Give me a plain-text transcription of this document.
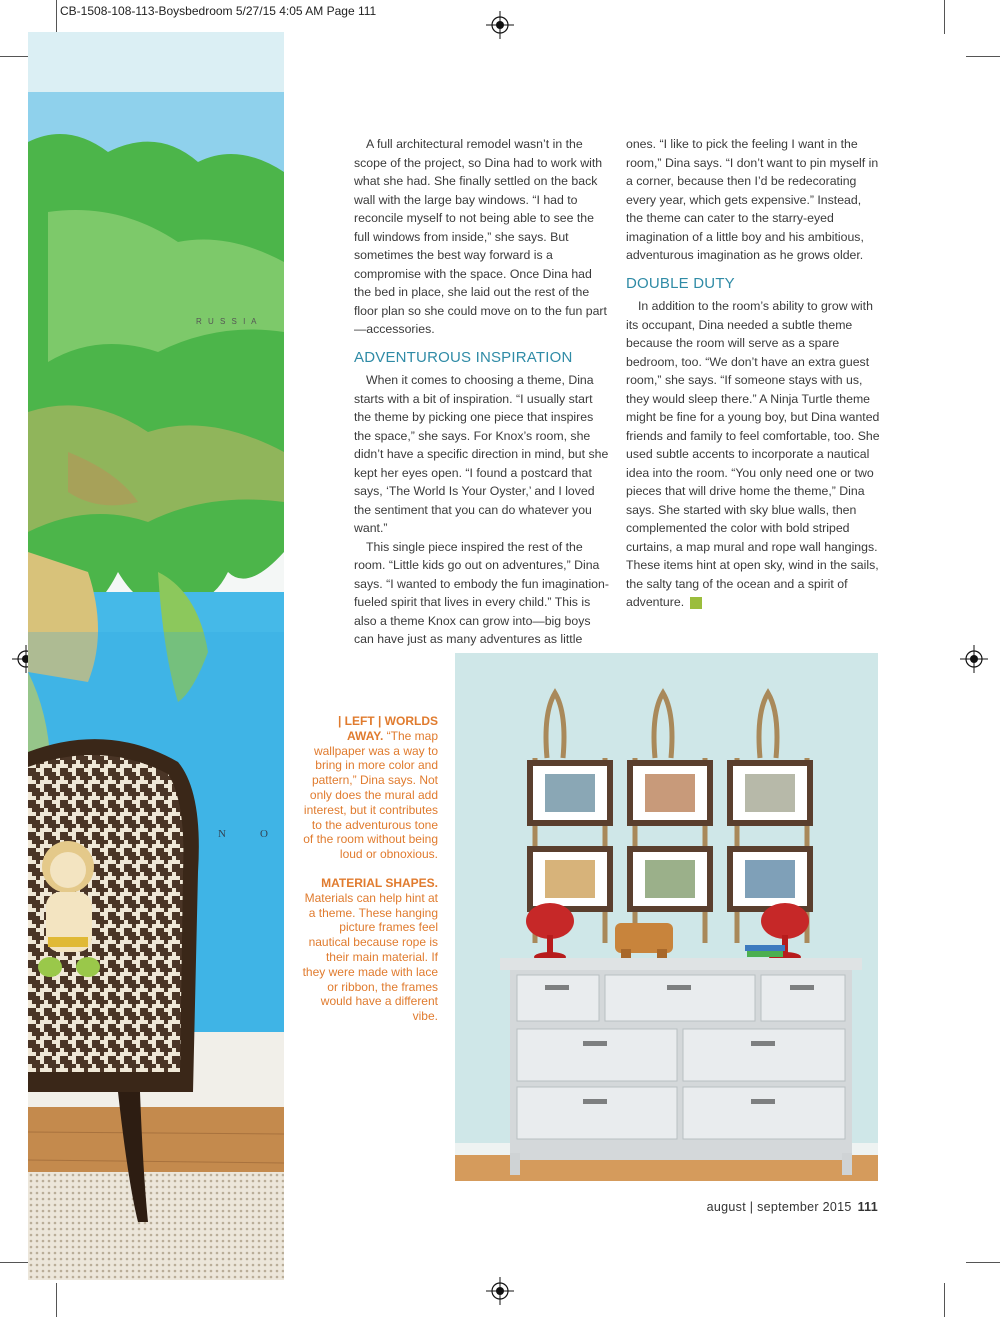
CB-1508-108-113-Boysbedroom 5/27/15 4:05 AM Page 111
R U S S I A
N	O

A full architectural remodel wasn’t in the scope of the project, so Dina had to work with what she had. She finally settled on the back wall with the large bay windows. “I had to reconcile myself to not being able to see the full windows from inside,” she says. But sometimes the best way forward is a compromise with the space. Once Dina had the bed in place, she laid out the rest of the floor plan so she could move on to the fun part—accessories.

ADVENTUROUS INSPIRATION

When it comes to choosing a theme, Dina starts with a bit of inspiration. “I usually start the theme by picking one piece that inspires the space,” she says. For Knox’s room, she didn’t have a specific direction in mind, but she kept her eyes open. “I found a postcard that says, ‘The World Is Your Oyster,’ and I loved the sentiment that you can do whatever you want.”

This single piece inspired the rest of the room. “Little kids go out on adventures,” Dina says. “I wanted to embody the fun imagination-fueled spirit that lives in every child.” This is also a theme Knox can grow into—big boys can have just as many adventures as little

ones. “I like to pick the feeling I want in the room,” Dina says. “I don’t want to pin myself in a corner, because then I’d be redecorating every year, which gets expensive.” Instead, the theme can cater to the starry-eyed imagination of a little boy and his ambitious, adventurous imagination as he grows older.

DOUBLE DUTY

In addition to the room’s ability to grow with its occupant, Dina needed a subtle theme because the room will serve as a spare bedroom, too. “We don’t have an extra guest room,” she says. “If someone stays with us, they would sleep there.” A Ninja Turtle theme might be fine for a young boy, but Dina wanted friends and family to feel comfortable, too. She used subtle accents to incorporate a nautical idea into the room. “You only need one or two pieces that will drive home the theme,” Dina says. She started with sky blue walls, then complemented the color with bold striped curtains, a map mural and rope wall hangings. These items hint at open sky, wind in the sails, the salty tang of the ocean and a spirit of adventure. C

| LEFT | WORLDS AWAY. “The map wallpaper was a way to bring in more color and pattern,” Dina says. Not only does the mural add interest, but it contributes to the adventurous tone of the room without being loud or obnoxious.

MATERIAL SHAPES. Materials can help hint at a theme. These hanging picture frames feel nautical because rope is their main material. If they were made with lace or ribbon, the frames would have a different vibe.

august | september 2015 111
